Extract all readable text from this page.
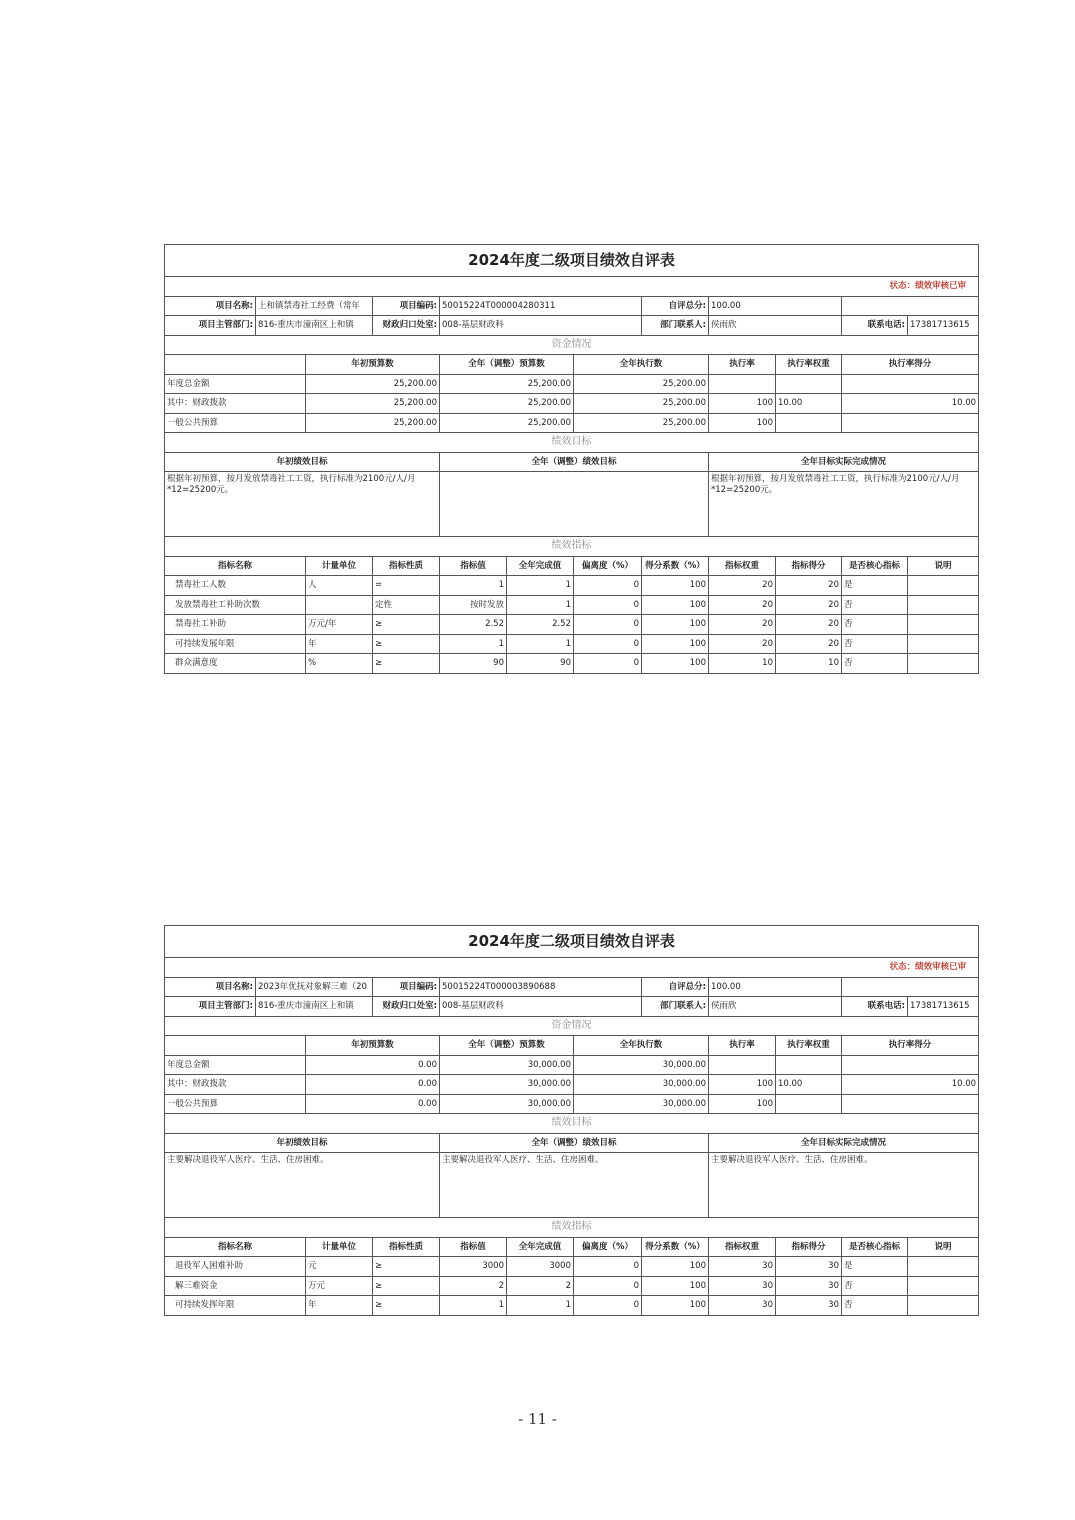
2024年度二级项目绩效自评表											
状态：绩效审核已审											
项目名称:	上和镇禁毒社工经费（常年		项目编码:	50015224T000004280311			自评总分:	100.00			
项目主管部门:	816-重庆市潼南区上和镇		财政归口处室:	008-基层财政科			部门联系人:	侯雨欣		联系电话:	17381713615
资金情况											
		年初预算数		全年（调整）预算数		全年执行数		执行率	执行率权重	执行率得分	
年度总金额		25,200.00		25,200.00		25,200.00					
其中：财政拨款		25,200.00		25,200.00		25,200.00		100	10.00	10.00	
一般公共预算		25,200.00		25,200.00		25,200.00		100			
绩效目标											
年初绩效目标				全年（调整）绩效目标				全年目标实际完成情况			
根据年初预算，按月发放禁毒社工工资，执行标准为2100元/人/月*12=25200元。								根据年初预算，按月发放禁毒社工工资，执行标准为2100元/人/月*12=25200元。			
绩效指标											
指标名称		计量单位	指标性质	指标值	全年完成值	偏离度（%）	得分系数（%）	指标权重	指标得分	是否核心指标	说明
禁毒社工人数		人	=	1	1	0	100	20	20	是	
发放禁毒社工补助次数			定性	按时发放	1	0	100	20	20	否	
禁毒社工补助		万元/年	≥	2.52	2.52	0	100	20	20	否	
可持续发展年限		年	≥	1	1	0	100	20	20	否	
群众满意度		%	≥	90	90	0	100	10	10	否	
2024年度二级项目绩效自评表											
状态：绩效审核已审											
项目名称:	2023年优抚对象解三难（20		项目编码:	50015224T000003890688			自评总分:	100.00			
项目主管部门:	816-重庆市潼南区上和镇		财政归口处室:	008-基层财政科			部门联系人:	侯雨欣		联系电话:	17381713615
资金情况											
		年初预算数		全年（调整）预算数		全年执行数		执行率	执行率权重	执行率得分	
年度总金额		0.00		30,000.00		30,000.00					
其中：财政拨款		0.00		30,000.00		30,000.00		100	10.00	10.00	
一般公共预算		0.00		30,000.00		30,000.00		100			
绩效目标											
年初绩效目标				全年（调整）绩效目标				全年目标实际完成情况			
主要解决退役军人医疗、生活、住房困难。				主要解决退役军人医疗、生活、住房困难。				主要解决退役军人医疗、生活、住房困难。			
绩效指标											
指标名称		计量单位	指标性质	指标值	全年完成值	偏离度（%）	得分系数（%）	指标权重	指标得分	是否核心指标	说明
退役军人困难补助		元	≥	3000	3000	0	100	30	30	是	
解三难资金		万元	≥	2	2	0	100	30	30	否	
可持续发挥年限		年	≥	1	1	0	100	30	30	否	
- 11 -
